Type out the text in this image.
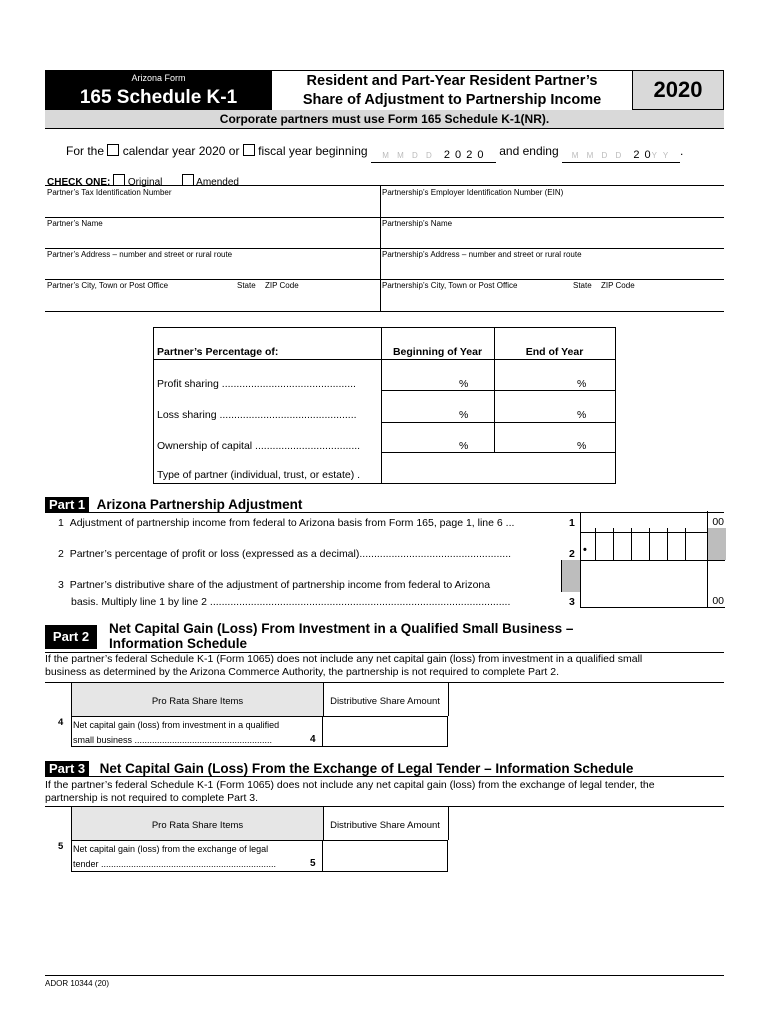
Arizona Form
165 Schedule K-1
Resident and Part-Year Resident Partner’s
Share of Adjustment to Partnership Income	2020
Corporate partners must use Form 165 Schedule K-1(NR).
For the calendar year 2020 or fiscal year beginning M M D D 2 0 2 0 and ending M M D D 2 0Y Y .
CHECK ONE: Original	Amended
Partner’s Tax Identification Number	Partnership’s Employer Identification Number (EIN)
Partner’s Name	Partnership’s Name
Partner’s Address – number and street or rural route	Partnership’s Address – number and street or rural route
Partner’s City, Town or Post Office	State ZIP Code	Partnership’s City, Town or Post Office	State ZIP Code
Partner’s Percentage of:	Beginning of Year	End of Year
Profit sharing ..............................................	%	%
Loss sharing ...............................................	%	%
Ownership of capital ....................................	%	%
Type of partner (individual, trust, or estate) .
Part 1 Arizona Partnership Adjustment
1 Adjustment of partnership income from federal to Arizona basis from Form 165, page 1, line 6 ...	1	00
2 Partner’s percentage of profit or loss (expressed as a decimal)....................................................	2 •
3 Partner’s distributive share of the adjustment of partnership income from federal to Arizona
basis. Multiply line 1 by line 2 .......................................................................................................	3	00
Part 2
Net Capital Gain (Loss) From Investment in a Qualified Small Business –
Information Schedule
If the partner’s federal Schedule K-1 (Form 1065) does not include any net capital gain (loss) from investment in a qualified small
business as determined by the Arizona Commerce Authority, the partnership is not required to complete Part 2.
Pro Rata Share Items	Distributive Share Amount
4 Net capital gain (loss) from investment in a qualified
small business .......................................................	4
Part 3 Net Capital Gain (Loss) From the Exchange of Legal Tender – Information Schedule
If the partner’s federal Schedule K-1 (Form 1065) does not include any net capital gain (loss) from the exchange of legal tender, the
partnership is not required to complete Part 3.
Pro Rata Share Items	Distributive Share Amount
5 Net capital gain (loss) from the exchange of legal
tender ......................................................................	5
ADOR 10344 (20)
